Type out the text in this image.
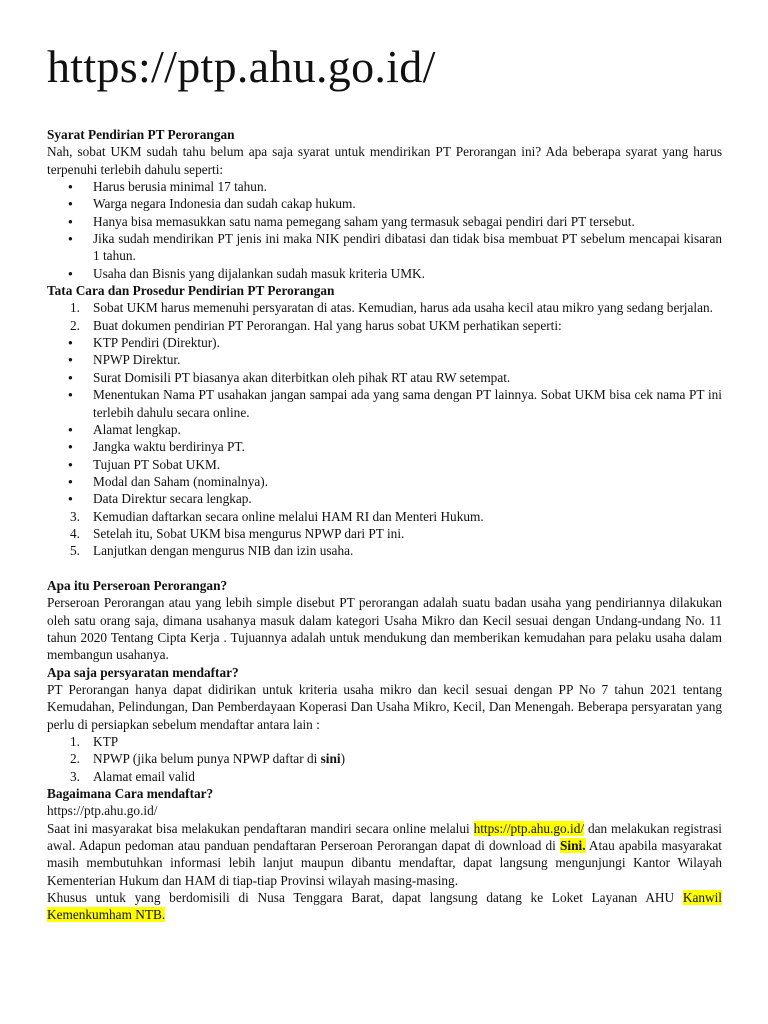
https://ptp.ahu.go.id/
Syarat Pendirian PT Perorangan

Nah, sobat UKM sudah tahu belum apa saja syarat untuk mendirikan PT Perorangan ini? Ada beberapa syarat yang harus terpenuhi terlebih dahulu seperti:

● Harus berusia minimal 17 tahun.
● Warga negara Indonesia dan sudah cakap hukum.
● Hanya bisa memasukkan satu nama pemegang saham yang termasuk sebagai pendiri dari PT tersebut.
● Jika sudah mendirikan PT jenis ini maka NIK pendiri dibatasi dan tidak bisa membuat PT sebelum mencapai kisaran 1 tahun.
● Usaha dan Bisnis yang dijalankan sudah masuk kriteria UMK.
Tata Cara dan Prosedur Pendirian PT Perorangan
1. Sobat UKM harus memenuhi persyaratan di atas. Kemudian, harus ada usaha kecil atau mikro yang sedang berjalan.
2. Buat dokumen pendirian PT Perorangan. Hal yang harus sobat UKM perhatikan seperti:
● KTP Pendiri (Direktur).
● NPWP Direktur.
● Surat Domisili PT biasanya akan diterbitkan oleh pihak RT atau RW setempat.
● Menentukan Nama PT usahakan jangan sampai ada yang sama dengan PT lainnya. Sobat UKM bisa cek nama PT ini terlebih dahulu secara online.
● Alamat lengkap.
● Jangka waktu berdirinya PT.
● Tujuan PT Sobat UKM.
● Modal dan Saham (nominalnya).
● Data Direktur secara lengkap.
3. Kemudian daftarkan secara online melalui HAM RI dan Menteri Hukum.
4. Setelah itu, Sobat UKM bisa mengurus NPWP dari PT ini.
5. Lanjutkan dengan mengurus NIB dan izin usaha.
Apa itu Perseroan Perorangan?

Perseroan Perorangan atau yang lebih simple disebut PT perorangan adalah suatu badan usaha yang pendiriannya dilakukan oleh satu orang saja, dimana usahanya masuk dalam kategori Usaha Mikro dan Kecil sesuai dengan Undang-undang No. 11 tahun 2020 Tentang Cipta Kerja . Tujuannya adalah untuk mendukung dan memberikan kemudahan para pelaku usaha dalam membangun usahanya.

Apa saja persyaratan mendaftar?

PT Perorangan hanya dapat didirikan untuk kriteria usaha mikro dan kecil sesuai dengan PP No 7 tahun 2021 tentang Kemudahan, Pelindungan, Dan Pemberdayaan Koperasi Dan Usaha Mikro, Kecil, Dan Menengah. Beberapa persyaratan yang perlu di persiapkan sebelum mendaftar antara lain :

1. KTP
2. NPWP (jika belum punya NPWP daftar di sini)
3. Alamat email valid
Bagaimana Cara mendaftar?

https://ptp.ahu.go.id/

Saat ini masyarakat bisa melakukan pendaftaran mandiri secara online melalui https://ptp.ahu.go.id/ dan melakukan registrasi awal. Adapun pedoman atau panduan pendaftaran Perseroan Perorangan dapat di download di Sini. Atau apabila masyarakat masih membutuhkan informasi lebih lanjut maupun dibantu mendaftar, dapat langsung mengunjungi Kantor Wilayah Kementerian Hukum dan HAM di tiap-tiap Provinsi wilayah masing-masing.

Khusus untuk yang berdomisili di Nusa Tenggara Barat, dapat langsung datang ke Loket Layanan AHU Kanwil Kemenkumham NTB.
